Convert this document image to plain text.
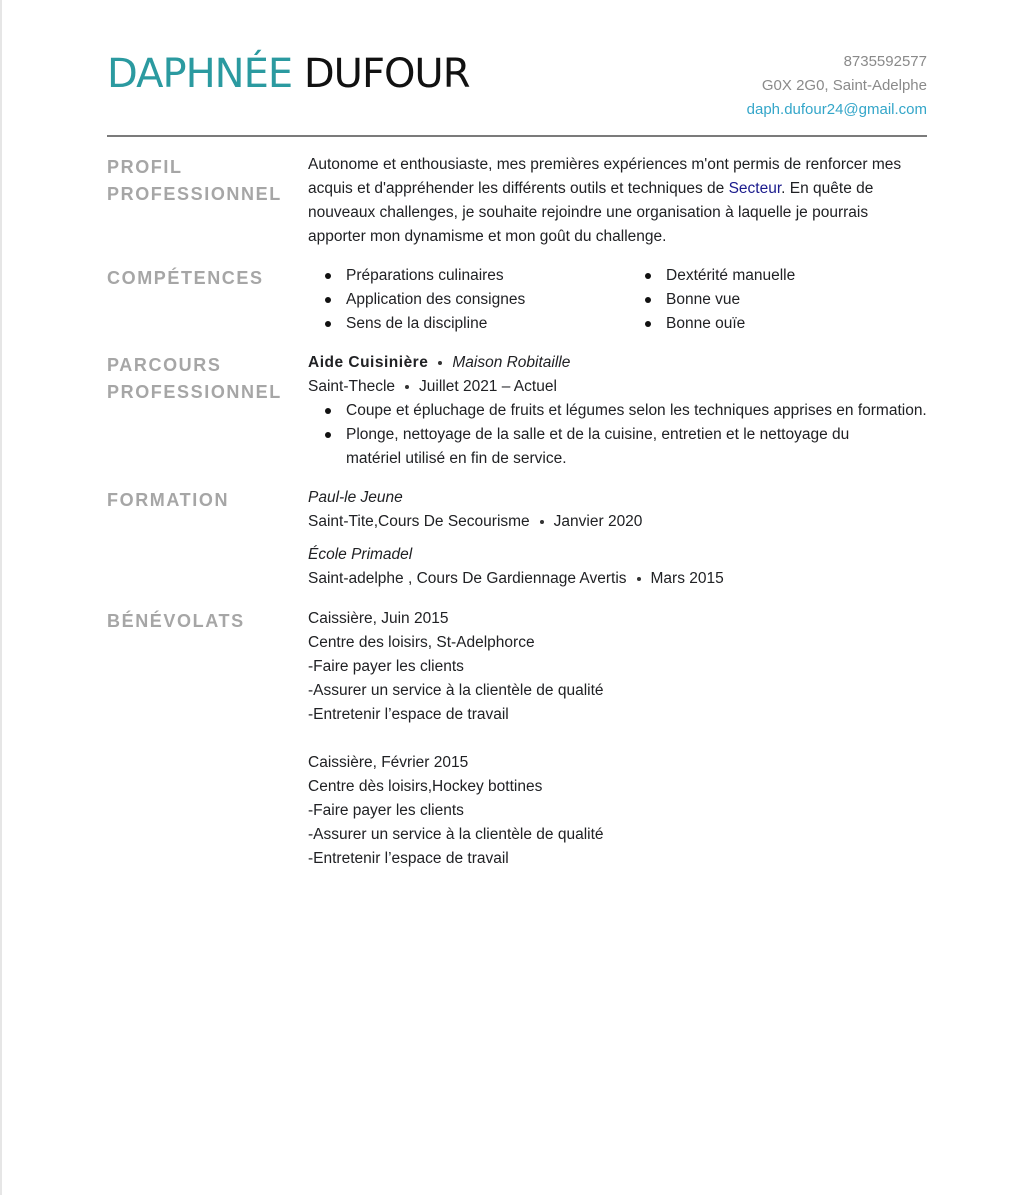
DAPHNÉE DUFOUR	8735592577
G0X 2G0, Saint-Adelphe
daph.dufour24@gmail.com
PROFIL
PROFESSIONNEL
Autonome et enthousiaste, mes premières expériences m'ont permis de renforcer mes acquis et d'appréhender les différents outils et techniques de Secteur. En quête de nouveaux challenges, je souhaite rejoindre une organisation à laquelle je pourrais apporter mon dynamisme et mon goût du challenge.
COMPÉTENCES	Préparations culinaires
Application des consignes
Sens de la discipline
Dextérité manuelle
Bonne vue
Bonne ouïe
PARCOURS
PROFESSIONNEL
Aide Cuisinière Maison Robitaille
Saint-Thecle Juillet 2021 – Actuel
Coupe et épluchage de fruits et légumes selon les techniques apprises en formation.
Plonge, nettoyage de la salle et de la cuisine, entretien et le nettoyage du matériel utilisé en fin de service.
FORMATION	Paul-le Jeune
Saint-Tite,Cours De Secourisme Janvier 2020
École Primadel
Saint-adelphe , Cours De Gardiennage Avertis Mars 2015
BÉNÉVOLATS	Caissière, Juin 2015
Centre des loisirs, St-Adelphorce
-Faire payer les clients
-Assurer un service à la clientèle de qualité
-Entretenir l’espace de travail
Caissière, Février 2015
Centre dès loisirs,Hockey bottines
-Faire payer les clients
-Assurer un service à la clientèle de qualité
-Entretenir l’espace de travail
